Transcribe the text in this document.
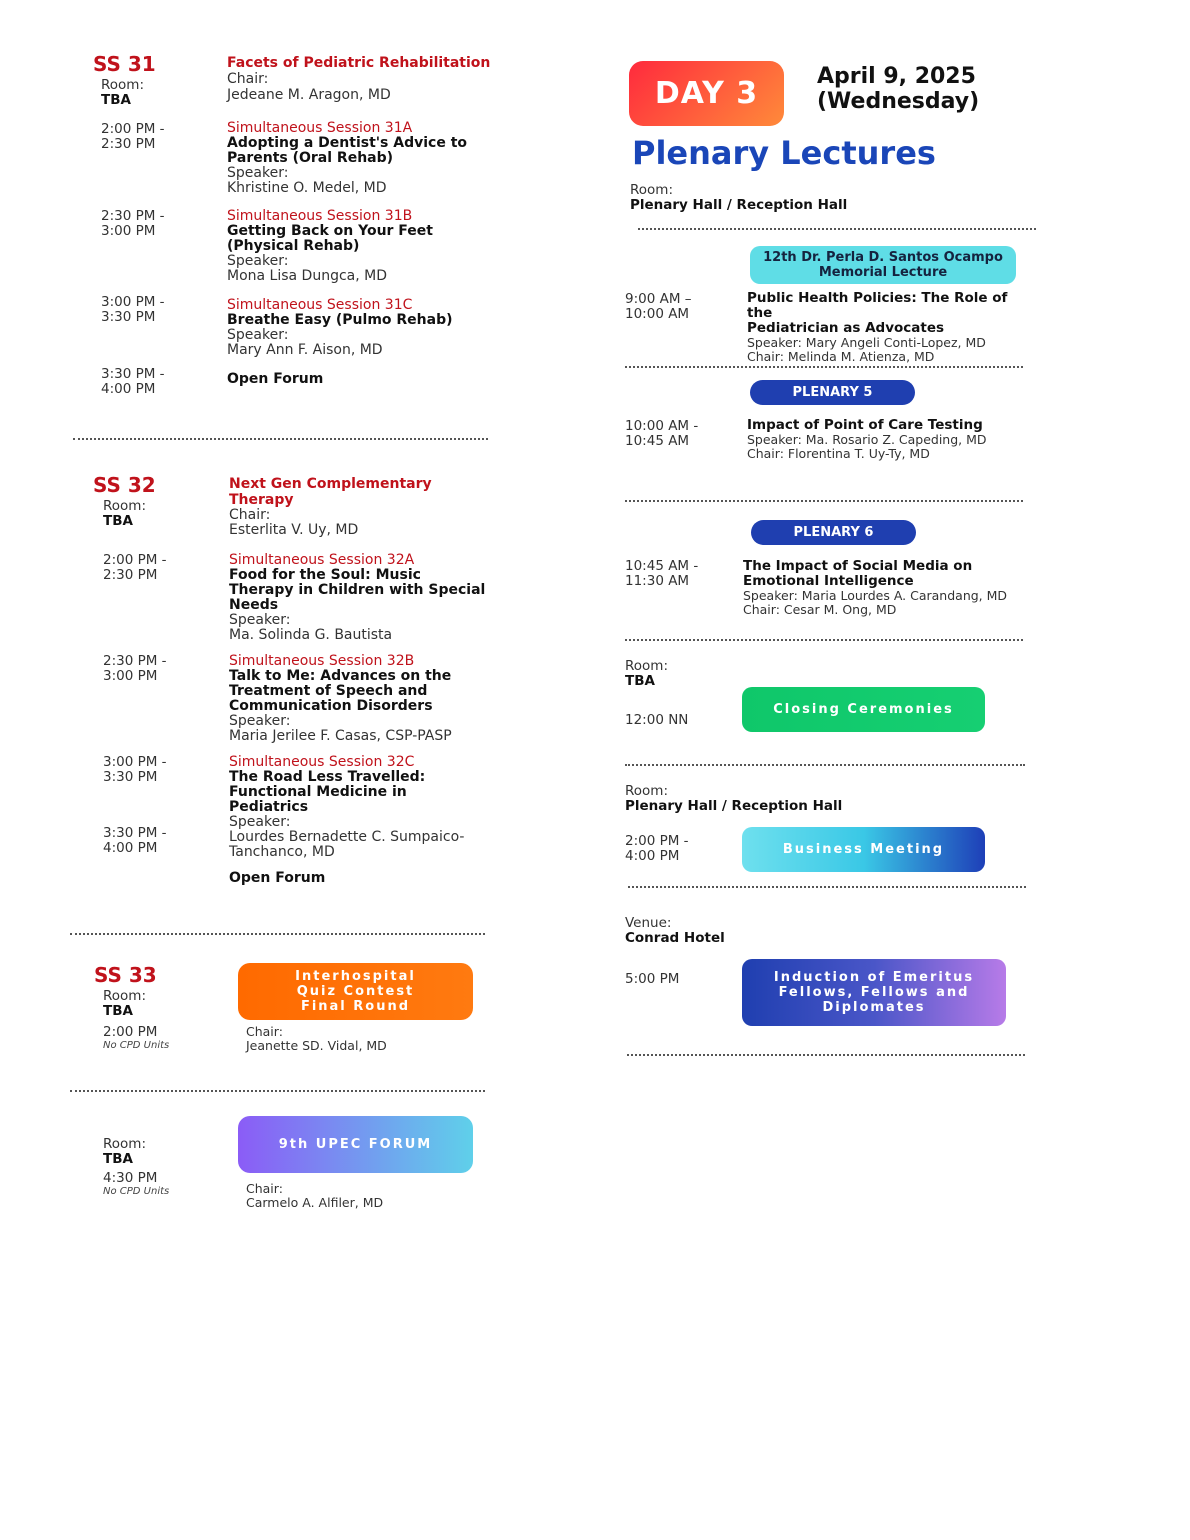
SS 31
Room:
TBA
Facets of Pediatric Rehabilitation
Chair:
Jedeane M. Aragon, MD
2:00 PM -
2:30 PM
Simultaneous Session 31A
Adopting a Dentist's Advice to
Parents (Oral Rehab)
Speaker:
Khristine O. Medel, MD
2:30 PM -
3:00 PM
Simultaneous Session 31B
Getting Back on Your Feet
(Physical Rehab)
Speaker:
Mona Lisa Dungca, MD
3:00 PM -
3:30 PM
Simultaneous Session 31C
Breathe Easy (Pulmo Rehab)
Speaker:
Mary Ann F. Aison, MD
3:30 PM -
4:00 PM
Open Forum
SS 32
Room:
TBA
Next Gen Complementary
Therapy
Chair:
Esterlita V. Uy, MD
2:00 PM -
2:30 PM
Simultaneous Session 32A
Food for the Soul: Music
Therapy in Children with Special
Needs
Speaker:
Ma. Solinda G. Bautista
2:30 PM -
3:00 PM
Simultaneous Session 32B
Talk to Me: Advances on the
Treatment of Speech and
Communication Disorders
Speaker:
Maria Jerilee F. Casas, CSP-PASP
3:00 PM -
3:30 PM
Simultaneous Session 32C
The Road Less Travelled:
Functional Medicine in
Pediatrics
Speaker:
Lourdes Bernadette C. Sumpaico-
Tanchanco, MD
3:30 PM -
4:00 PM
Open Forum
SS 33
Room:
TBA
2:00 PM
No CPD Units
Interhospital
Quiz Contest
Final Round
Chair:
Jeanette SD. Vidal, MD
Room:
TBA
4:30 PM
No CPD Units
9th UPEC FORUM
Chair:
Carmelo A. Alfiler, MD
DAY 3	April 9, 2025
(Wednesday)
Plenary Lectures
Room:
Plenary Hall / Reception Hall
12th Dr. Perla D. Santos Ocampo
Memorial Lecture
9:00 AM –
10:00 AM
Public Health Policies: The Role of the
Pediatrician as Advocates
Speaker: Mary Angeli Conti-Lopez, MD
Chair: Melinda M. Atienza, MD
PLENARY 5
10:00 AM -
10:45 AM
Impact of Point of Care Testing
Speaker: Ma. Rosario Z. Capeding, MD
Chair: Florentina T. Uy-Ty, MD
PLENARY 6
10:45 AM -
11:30 AM
The Impact of Social Media on
Emotional Intelligence
Speaker: Maria Lourdes A. Carandang, MD
Chair: Cesar M. Ong, MD
Room:
TBA
12:00 NN
Closing Ceremonies
Room:
Plenary Hall / Reception Hall
2:00 PM -
4:00 PM	Business Meeting
Venue:
Conrad Hotel
5:00 PM	Induction of Emeritus
Fellows, Fellows and
Diplomates
